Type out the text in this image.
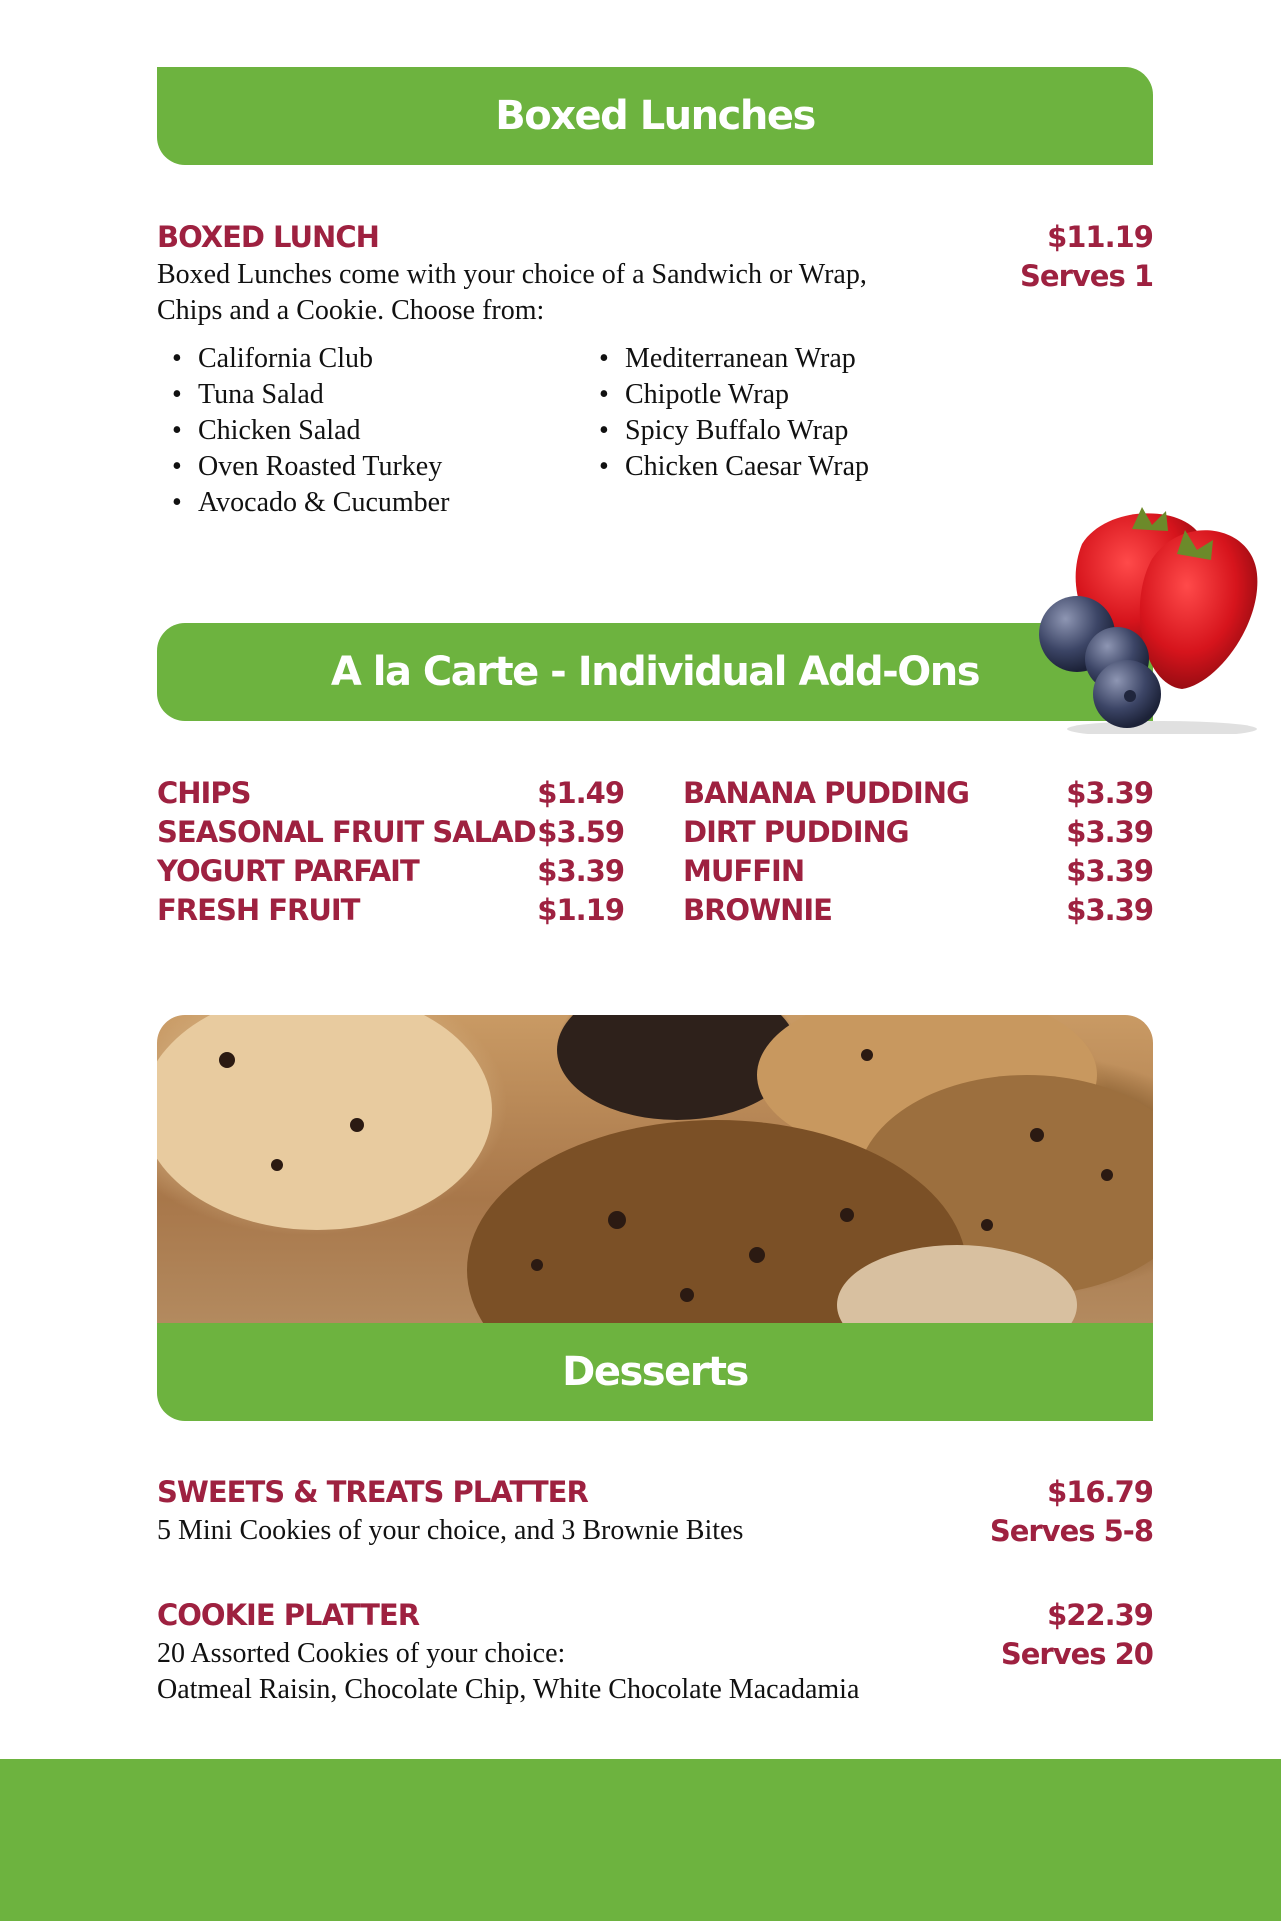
Boxed Lunches
BOXED LUNCH	$11.19
Serves 1
Boxed Lunches come with your choice of a Sandwich or Wrap,
Chips and a Cookie. Choose from:
• California Club
• Tuna Salad
• Chicken Salad
• Oven Roasted Turkey
• Avocado & Cucumber
• Mediterranean Wrap
• Chipotle Wrap
• Spicy Buffalo Wrap
• Chicken Caesar Wrap
A la Carte - Individual Add-Ons
CHIPS	$1.49
SEASONAL FRUIT SALAD $3.59
YOGURT PARFAIT	$3.39
FRESH FRUIT	$1.19
BANANA PUDDING	$3.39
DIRT PUDDING	$3.39
MUFFIN	$3.39
BROWNIE	$3.39
Desserts
SWEETS & TREATS PLATTER	$16.79
Serves 5-8
5 Mini Cookies of your choice, and 3 Brownie Bites
COOKIE PLATTER	$22.39
Serves 20
20 Assorted Cookies of your choice:
Oatmeal Raisin, Chocolate Chip, White Chocolate Macadamia
